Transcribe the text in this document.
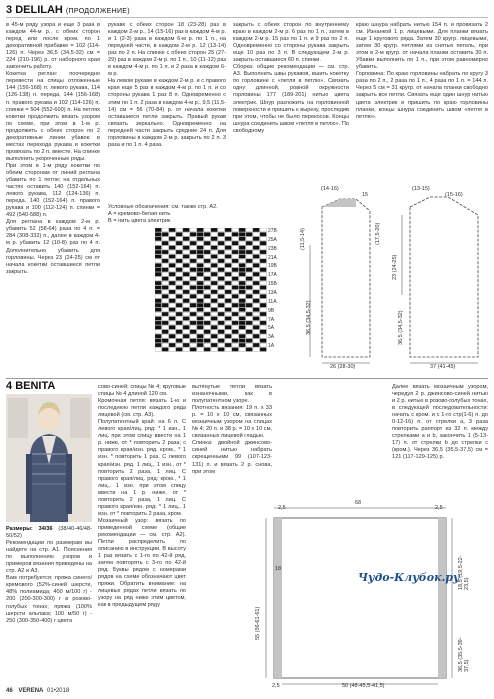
3 DELILAH (ПРОДОЛЖЕНИЕ)

в 45-м ряду узора и еще 3 раза в каждом 44-м р., с обеих сторон перед или после кром. по 1 декоративной прибавке = 102 (114-126) п. Через 36,5 (34,5-32) см = 224 (210-196) р. от наборного края закончить работу.

Кокетка реглан: поочередно перевести на спицы отложенные 144 (156-168) п. левого рукава, 114 (126-138) п. переда, 144 (156-168) п. правого рукава и 102 (114-126) п. спинки = 504 (552-600) п. На петлях кокетки продолжить вязать узором по схеме, при этом в 1-м р. продолжить с обеих сторон по 2 декоративные линии убавок: в местах перехода рукава и кокетки провязать по 2 п. вместе. На спинке выполнить укороченные ряды.

При этом в 1-м ряду кокетки по обеим сторонам от линий реглана убавить по 1 петле; на отдельных частях оставить 140 (152-164) п. левого рукава, 112 (124-136) п. переда, 140 (152-164) п. правого рукава и 100 (112-124) п. спинки = 492 (540-588) п.

Для реглана в каждом 2-м р. убавить 52 (58-64) раза по 4 п. = 284 (308-332) п., далее в каждом 4-м р. убавить 12 (10-8) раз по 4 п. Дополнительно убавить для горловины. Через 23 (24-25) см от начала кокетки оставшиеся петли закрыть.

рукаве с обеих сторон 18 (23-28) раз в каждом 2-м р., 14 (15-16) раз в каждом 4-м р. и 1 (2-3) раза в каждом 6-м р. по 1 п., на передней части, в каждом 2-м р. 12 (13-14) раз по 2 п. На спинке с обеих сторон 25 (27-29) раз в каждом 2-м р. по 1 п., 10 (11-12) раз в каждом 4-м р. по 1 п. и 2 раза в каждом 6-м р.

На левом рукаве в каждом 2-м р. и с правого края еще 5 раз в каждом 4-м р. по 1 п. и со стороны рукава 1 раз 8 п. Одновременно с этим по 1 п. 2 раза в каждом 4-м р., 9,5 (11,5-14) см = 56 (70-84) р. от начала кокетки оставшиеся петли закрыть. Правый рукав связать зеркально. Одновременно на передней части закрыть средние 24 п. Для горловины в каждом 2-м р. закрыть по 2 п. 3 раза и по 1 п. 4 раза.

Условные обозначения: см. также стр. А2.

А = кремово-белая нить

В = нить цвета электрик

закрыть с обеих сторон по внутреннему краю в каждом 2-м р. 6 раз по 1 п., затем в каждом 2-м р. 15 раз по 1 п. и 9 раз по 2 п. Одновременно со стороны рукава закрыть еще 10 раз по 3 п. В следующем 2-м р. закрыть оставшиеся 60 п. спинки.

Сборка: общие рекомендации — см. стр. А3. Выполнить швы рукавов, вшить кокетку по горловине с «петля в петлю». Связать одну длинной, ровной окружности горловины 177 (189-201) нитью цвета электрик. Шнур разложить на горловинной поверхности и пришить к вырезу, проследив при этом, чтобы не было перекосов. Концы шнура соединить швом «петля в петлю». По свободному

краю шнура набрать нитью 154 п. и провязать 2 см. Изнанкой 1 р. лицевыми. Для планки вязать еще 1 кругового ряда. Затем 30 кругр. лицевыми, затем 30 кругр. петлями из снятых петель, при этом в 2-м кругр. от начала планки оставить 30 п. Убавки выполнить по 1 п., при этом равномерно убавить.

Горловина: По краю горловины набрать по кругу 3 раза по 2 п., 2 раза по 1 п., 4 раза по 1 п. = 144 п. Через 5 см = 31 кругр. от начала планки свободно закрыть все петли. Связать еще один шнур нитью цвета электрик и пришить по краю горловины планки, концы шнура соединить швом «петля в петлю».

27B
25A
23B
21A
19B
17A
15B
13A
11A
9B
7A
5A
3A
1A
(14-16)
15
(11,5-14)	(17,5-20)
36,5 (34,5-32)
26 (28-30)
(13-15)
(15-16)
23 (24-25)
36,5 (34,5-32)
37 (41-45)
4 BENITA

Размеры: 34/36 (38/40-46/48-50/52)

Рекомендации по размерам вы найдете на стр. А1. Пояснения по выполнению узоров и примеров вязания приведены на стр. А2 и А3.

Вам потребуется: пряжа синего/кремового (52%-синей шерсти, 48% полиамида; 400 м/100 г) - 200 (200-300-300) г в розово-голубых тонах; пряжа (100% шерсти альпака; 100 м/50 г) - 250 (300-350-400) г цвета

сово-синей; спицы № 4; круговые спицы № 4 длиной 120 см.

Кромочная петля: вязать 1-ю и последнюю петли каждого ряда лицевой (см. стр. А3).

Полупатентный край: на 6 п. С левого края/лиц. ряд: * 1 изн., 1 лиц. при этом спицу ввести на 1 р. ниже, от * повторить 2 раза; с правого края/изн. ряд. кром., * 1 изн. * повторить 1 раз. С левого края/изн. ряд. 1 лиц., 1 изн., от * повторить 2 раза, 1 лиц. С правого края/лиц. ряд: кром., * 1 лиц., 1 изн. при этом спицу ввести на 1 р. ниже, от * повторить 2 раза, 1 лиц. С правого края/изн. ряд: * 1 лиц., 1 изн. от * повторить 2 раза, кром.

Мозаичный узор: вязать по приведенной схеме (общие рекомендации — см. стр. А2). Петли распределить по описанию в инструкции. В высоту 1 раз вязать с 1-го по 42-й ряд, затем повторять с 3-го по 42-й ряд. Буквы рядом с номерами рядов на схеме обозначают цвет пряжи. Обратить внимание: на лицевых рядах петли вязать по узору на ряд ниже этим цветом, как в предыдущем ряду

вытянутые петли вязать изнаночными, как в полупатентном узоре.

Плотность вязания: 19 п. x 33 р. = 10 x 10 см, связанных мозаичным узором на спицах № 4; 20 п. и 38 р. = 10 x 10 см, связанных лицевой гладью.

Спинка: двойной джинсово-синей нитью набрать скрещенными 99 (107-123-131) п. и вязать 2 р. снова, при этом

Далее вязать мозаичным узором, чередуя 2 р. джинсово-синей нитью и 2 р. нитью в розово-голубых тонах, в следующей последовательности: начать с кром. и с 1-го стр(1-6) п. до 0-12-16) п. от стрелки а, 3 раза повторить раппорт из 32 п. между стрелками а и b, закончить 1 (5-13-17) п. от стрелки b до стрелки c (кром.). Через 36,5 (35,5-37,5) см = 121 (117-129-125) р.

68
2,5	2,5
55 (56-61-61)
18	18,5 (19,5-22-23,5)
36,5 (35,5-39-37,5)
50 (48-45,5-41,5)
2,5
Чудо-Клубок.ру
46 VERENA 01•2018
